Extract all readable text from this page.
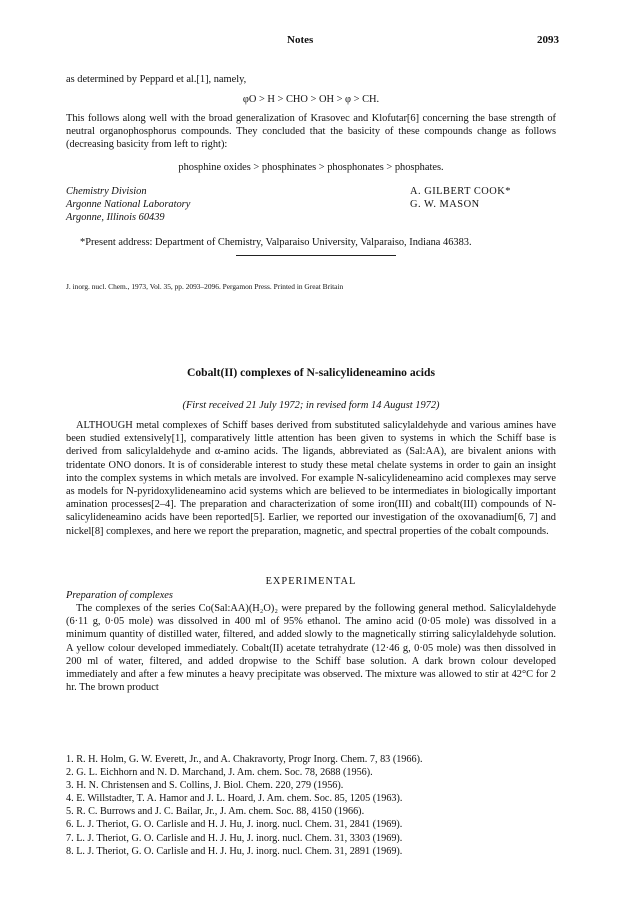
Notes	2093
as determined by Peppard et al.[1], namely,
φO > H > CHO > OH > φ > CH.
This follows along well with the broad generalization of Krasovec and Klofutar[6] concerning the base strength of neutral organophosphorus compounds. They concluded that the basicity of these compounds change as follows (decreasing basicity from left to right):
phosphine oxides > phosphinates > phosphonates > phosphates.
Chemistry Division
Argonne National Laboratory
Argonne, Illinois 60439
A. GILBERT COOK*
G. W. MASON
*Present address: Department of Chemistry, Valparaiso University, Valparaiso, Indiana 46383.
J. inorg. nucl. Chem., 1973, Vol. 35, pp. 2093–2096. Pergamon Press. Printed in Great Britain
Cobalt(II) complexes of N-salicylideneamino acids
(First received 21 July 1972; in revised form 14 August 1972)
ALTHOUGH metal complexes of Schiff bases derived from substituted salicylaldehyde and various amines have been studied extensively[1], comparatively little attention has been given to systems in which the Schiff base is derived from salicylaldehyde and α-amino acids. The ligands, abbreviated as (Sal:AA), are bivalent anions with tridentate ONO donors. It is of considerable interest to study these metal chelate systems in order to gain an insight into the complex systems in which metals are involved. For example N-salicylideneamino acid complexes may serve as models for N-pyridoxylideneamino acid systems which are believed to be intermediates in biologically important amination processes[2–4]. The preparation and characterization of some iron(III) and cobalt(III) compounds of N-salicylideneamino acids have been reported[5]. Earlier, we reported our investigation of the oxovanadium[6, 7] and nickel[8] complexes, and here we report the preparation, magnetic, and spectral properties of the cobalt compounds.
EXPERIMENTAL
Preparation of complexes
The complexes of the series Co(Sal:AA)(H₂O)₂ were prepared by the following general method. Salicylaldehyde (6·11 g, 0·05 mole) was dissolved in 400 ml of 95% ethanol. The amino acid (0·05 mole) was dissolved in a minimum quantity of distilled water, filtered, and added slowly to the magnetically stirring salicylaldehyde solution. A yellow colour developed immediately. Cobalt(II) acetate tetrahydrate (12·46 g, 0·05 mole) was then dissolved in 200 ml of water, filtered, and added dropwise to the Schiff base solution. A dark brown colour developed immediately and after a few minutes a heavy precipitate was observed. The mixture was allowed to stir at 42°C for 2 hr. The brown product
1. R. H. Holm, G. W. Everett, Jr., and A. Chakravorty, Progr Inorg. Chem. 7, 83 (1966).
2. G. L. Eichhorn and N. D. Marchand, J. Am. chem. Soc. 78, 2688 (1956).
3. H. N. Christensen and S. Collins, J. Biol. Chem. 220, 279 (1956).
4. E. Willstadter, T. A. Hamor and J. L. Hoard, J. Am. chem. Soc. 85, 1205 (1963).
5. R. C. Burrows and J. C. Bailar, Jr., J. Am. chem. Soc. 88, 4150 (1966).
6. L. J. Theriot, G. O. Carlisle and H. J. Hu, J. inorg. nucl. Chem. 31, 2841 (1969).
7. L. J. Theriot, G. O. Carlisle and H. J. Hu, J. inorg. nucl. Chem. 31, 3303 (1969).
8. L. J. Theriot, G. O. Carlisle and H. J. Hu, J. inorg. nucl. Chem. 31, 2891 (1969).
